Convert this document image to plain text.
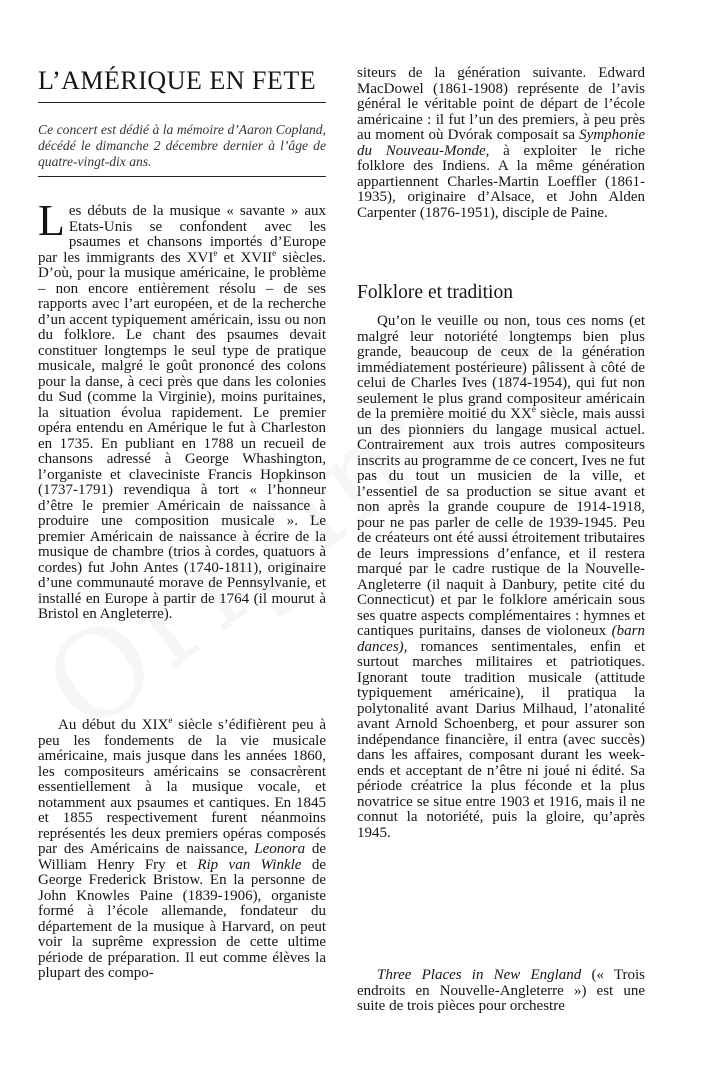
L’AMÉRIQUE EN FETE

Ce concert est dédié à la mémoire d’Aaron Copland, décédé le dimanche 2 décembre dernier à l’âge de quatre-vingt-dix ans.

Les débuts de la musique « savante » aux Etats-Unis se confondent avec les psaumes et chansons importés d’Europe par les immigrants des XVIe et XVIIe siècles. D’où, pour la musique américaine, le problème – non encore entièrement résolu – de ses rapports avec l’art européen, et de la recherche d’un accent typiquement américain, issu ou non du folklore. Le chant des psaumes devait constituer longtemps le seul type de pratique musicale, malgré le goût prononcé des colons pour la danse, à ceci près que dans les colonies du Sud (comme la Virginie), moins puritaines, la situation évolua rapidement. Le premier opéra entendu en Amérique le fut à Charleston en 1735. En publiant en 1788 un recueil de chansons adressé à George Whashington, l’organiste et claveciniste Francis Hopkinson (1737-1791) revendiqua à tort « l’honneur d’être le premier Américain de naissance à produire une composition musicale ». Le premier Américain de naissance à écrire de la musique de chambre (trios à cordes, quatuors à cordes) fut John Antes (1740-1811), originaire d’une communauté morave de Pennsylvanie, et installé en Europe à partir de 1764 (il mourut à Bristol en Angleterre).

Au début du XIXe siècle s’édifièrent peu à peu les fondements de la vie musicale américaine, mais jusque dans les années 1860, les compositeurs américains se consacrèrent essentiellement à la musique vocale, et notamment aux psaumes et cantiques. En 1845 et 1855 respectivement furent néanmoins représentés les deux premiers opéras composés par des Américains de naissance, Leonora de William Henry Fry et Rip van Winkle de George Frederick Bristow. En la personne de John Knowles Paine (1839-1906), organiste formé à l’école allemande, fondateur du département de la musique à Harvard, on peut voir la suprême expression de cette ultime période de préparation. Il eut comme élèves la plupart des compo-

siteurs de la génération suivante. Edward MacDowel (1861-1908) représente de l’avis général le véritable point de départ de l’école américaine : il fut l’un des premiers, à peu près au moment où Dvórak composait sa Symphonie du Nouveau-Monde, à exploiter le riche folklore des Indiens. A la même génération appartiennent Charles-Martin Loeffler (1861-1935), originaire d’Alsace, et John Alden Carpenter (1876-1951), disciple de Paine.

Folklore et tradition

Qu’on le veuille ou non, tous ces noms (et malgré leur notoriété longtemps bien plus grande, beaucoup de ceux de la génération immédiatement postérieure) pâlissent à côté de celui de Charles Ives (1874-1954), qui fut non seulement le plus grand compositeur américain de la première moitié du XXe siècle, mais aussi un des pionniers du langage musical actuel. Contrairement aux trois autres compositeurs inscrits au programme de ce concert, Ives ne fut pas du tout un musicien de la ville, et l’essentiel de sa production se situe avant et non après la grande coupure de 1914-1918, pour ne pas parler de celle de 1939-1945. Peu de créateurs ont été aussi étroitement tributaires de leurs impressions d’enfance, et il restera marqué par le cadre rustique de la Nouvelle-Angleterre (il naquit à Danbury, petite cité du Connecticut) et par le folklore américain sous ses quatre aspects complémentaires : hymnes et cantiques puritains, danses de violoneux (barn dances), romances sentimentales, enfin et surtout marches militaires et patriotiques. Ignorant toute tradition musicale (attitude typiquement américaine), il pratiqua la polytonalité avant Darius Milhaud, l’atonalité avant Arnold Schoenberg, et pour assurer son indépendance financière, il entra (avec succès) dans les affaires, composant durant les week-ends et acceptant de n’être ni joué ni édité. Sa période créatrice la plus féconde et la plus novatrice se situe entre 1903 et 1916, mais il ne connut la notoriété, puis la gloire, qu’après 1945.

Three Places in New England (« Trois endroits en Nouvelle-Angleterre ») est une suite de trois pièces pour orchestre
